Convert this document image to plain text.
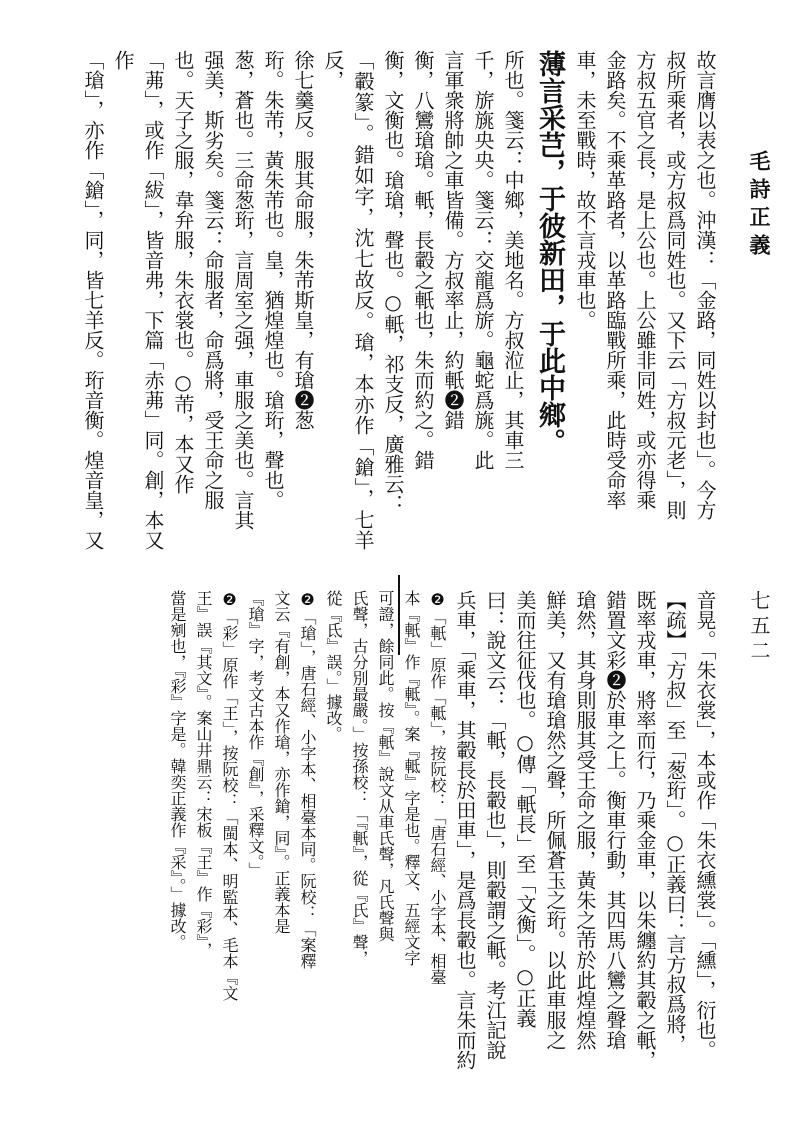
毛詩正義
七五二
故言膺以表之也。沖漢：「金路，同姓以封也」。今方
叔所乘者，或方叔爲同姓也。又下云「方叔元老」，則
方叔五官之長，是上公也。上公雖非同姓，或亦得乘
金路矣。不乘革路者，以革路臨戰所乘，此時受命率
車，未至戰時，故不言戎車也。
薄言采芑，于彼新田，于此中鄉。
所也。箋云：中鄉，美地名。方叔涖止，其車三
千，旂旐央央。箋云：交龍爲旂。龜蛇爲旐。此
言軍衆將帥之車皆備。方叔率止，約軝❷錯
衡，八鸞瑲瑲。軝，長轂之軝也，朱而約之。錯
衡，文衡也。瑲瑲，聲也。○軝，祁支反，廣雅云：
「轂篆」。錯如字，沈七故反。瑲，本亦作「鎗」，七羊反，
徐七羹反。服其命服，朱芾斯皇，有瑲❷葱
珩。朱芾，黃朱芾也。皇，猶煌煌也。瑲珩，聲也。
葱，蒼也。三命葱珩，言周室之强，車服之美也。言其
强美，斯劣矣。箋云：命服者，命爲將，受王命之服
也。天子之服，韋弁服，朱衣裳也。○芾，本又作
「茀」，或作「紱」，皆音弗，下篇「赤茀」同。創，本又作
「瑲」，亦作「鎗」，同，皆七羊反。珩音衡。煌音皇，又
音晃。「朱衣裳」，本或作「朱衣纁裳」。「纁」，衍也。
【疏】「方叔」至「葱珩」。○正義曰：言方叔爲將，
既率戎車，將率而行，乃乘金車，以朱纏約其轂之軝，
錯置文彩❷於車之上。衡車行動，其四馬八鸞之聲瑲
瑲然，其身則服其受王命之服，黃朱之芾於此煌煌然
鮮美，又有瑲瑲然之聲，所佩蒼玉之珩。以此車服之
美而往征伐也。○傳「軝長」至「文衡」。○正義
曰：說文云：「軝，長轂也」，則轂謂之軝。考江記說
兵車，「乘車，其轂長於田車」，是爲長轂也。言朱而約
❷「軝」原作「軧」，按阮校：「唐石經、小字本、相臺
本『軝』作『軧』。案『軧』字是也。釋文、五經文字
可證，餘同此。按『軝』說文从車氏聲，凡氏聲與
氏聲，古分別最嚴。」按孫校：「『軝』，從『氏』聲，
從『氐』誤。」據改。
❷「瑲」，唐石經、小字本、相臺本同。阮校：「案釋
文云『有創，本又作瑲，亦作鎗，同』。正義本是
『瑲』字，考文古本作『創』，采釋文。」
❷「彩」原作「王」，按阮校：「閩本、明監本、毛本『文
王』誤『其文』。案山井鼎云：宋板『王』作『彩』，
當是剜也，『彩』字是。韓奕正義作『采』。」據改。
